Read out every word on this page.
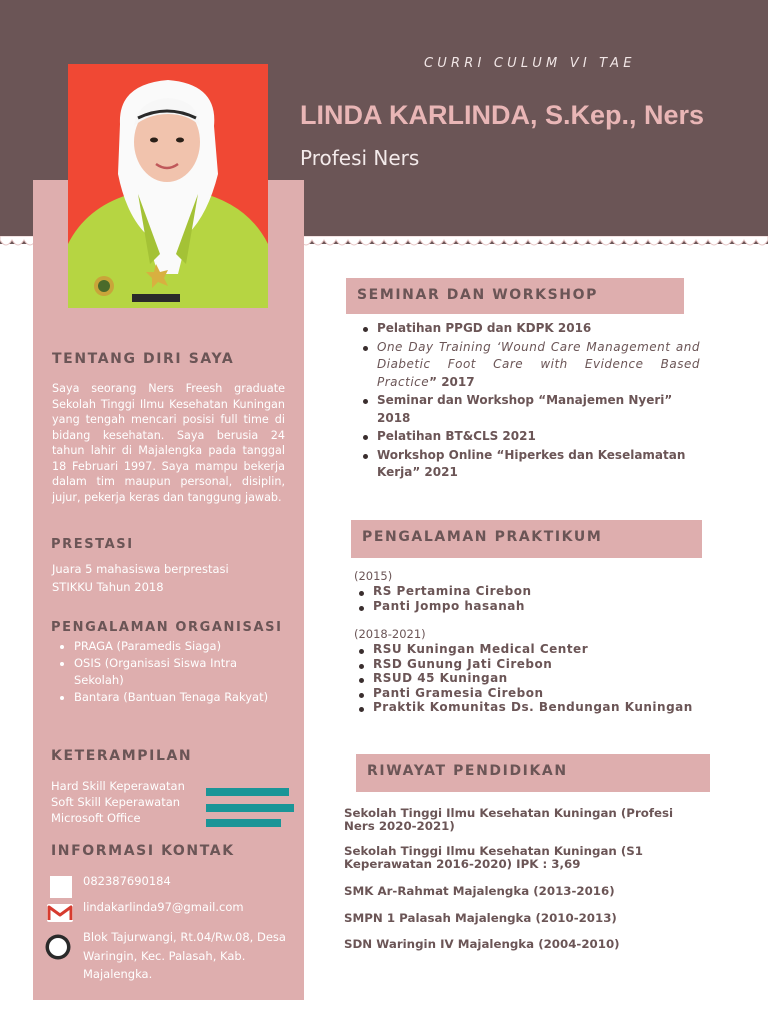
CURRI CULUM VI TAE
LINDA KARLINDA, S.Kep., Ners
Profesi Ners
TENTANG DIRI SAYA
Saya seorang Ners Freesh graduate Sekolah Tinggi Ilmu Kesehatan Kuningan yang tengah mencari posisi full time di bidang kesehatan. Saya berusia 24 tahun lahir di Majalengka pada tanggal 18 Februari 1997. Saya mampu bekerja dalam tim maupun personal, disiplin, jujur, pekerja keras dan tanggung jawab.
PRESTASI
Juara 5 mahasiswa berprestasi
STIKKU Tahun 2018
PENGALAMAN ORGANISASI
PRAGA (Paramedis Siaga)
OSIS (Organisasi Siswa Intra Sekolah)
Bantara (Bantuan Tenaga Rakyat)
KETERAMPILAN
Hard Skill Keperawatan
Soft Skill Keperawatan
Microsoft Office
INFORMASI KONTAK
082387690184
lindakarlinda97@gmail.com
Blok Tajurwangi, Rt.04/Rw.08, Desa Waringin, Kec. Palasah, Kab. Majalengka.
SEMINAR DAN WORKSHOP
Pelatihan PPGD dan KDPK 2016
One Day Training ‘Wound Care Management and Diabetic Foot Care with Evidence Based Practice” 2017
Seminar dan Workshop “Manajemen Nyeri” 2018
Pelatihan BT&CLS 2021
Workshop Online “Hiperkes dan Keselamatan Kerja” 2021
PENGALAMAN PRAKTIKUM
(2015)
RS Pertamina Cirebon
Panti Jompo hasanah
(2018-2021)
RSU Kuningan Medical Center
RSD Gunung Jati Cirebon
RSUD 45 Kuningan
Panti Gramesia Cirebon
Praktik Komunitas Ds. Bendungan Kuningan
RIWAYAT PENDIDIKAN
Sekolah Tinggi Ilmu Kesehatan Kuningan (Profesi Ners 2020-2021)
Sekolah Tinggi Ilmu Kesehatan Kuningan (S1 Keperawatan 2016-2020) IPK : 3,69
SMK Ar-Rahmat Majalengka (2013-2016)
SMPN 1 Palasah Majalengka (2010-2013)
SDN Waringin IV Majalengka (2004-2010)
